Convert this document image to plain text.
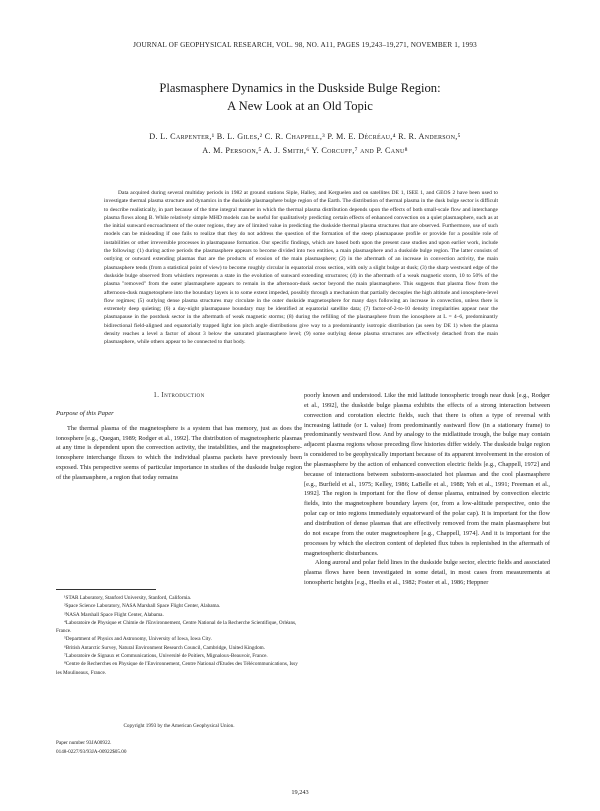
JOURNAL OF GEOPHYSICAL RESEARCH, VOL. 98, NO. A11, PAGES 19,243–19,271, NOVEMBER 1, 1993
Plasmasphere Dynamics in the Duskside Bulge Region:
A New Look at an Old Topic
D. L. Carpenter,¹ B. L. Giles,² C. R. Chappell,³ P. M. E. Décréau,⁴ R. R. Anderson,⁵
A. M. Persoon,⁵ A. J. Smith,⁶ Y. Corcuff,⁷ and P. Canu⁸
Data acquired during several multiday periods in 1982 at ground stations Siple, Halley, and Kerguelen and on satellites DE 1, ISEE 1, and GEOS 2 have been used to investigate thermal plasma structure and dynamics in the duskside plasmasphere bulge region of the Earth. The distribution of thermal plasma in the dusk bulge sector is difficult to describe realistically, in part because of the time integral manner in which the thermal plasma distribution depends upon the effects of both small-scale flow and interchange plasma flows along B. While relatively simple MHD models can be useful for qualitatively predicting certain effects of enhanced convection on a quiet plasmasphere, such as at the initial sunward encroachment of the outer regions, they are of limited value in predicting the duskside thermal plasma structures that are observed. Furthermore, use of such models can be misleading if one fails to realize that they do not address the question of the formation of the steep plasmapause profile or provide for a possible role of instabilities or other irreversible processes in plasmapause formation. Our specific findings, which are based both upon the present case studies and upon earlier work, include the following: (1) during active periods the plasmasphere appears to become divided into two entities, a main plasmasphere and a duskside bulge region. The latter consists of outlying or outward extending plasmas that are the products of erosion of the main plasmasphere; (2) in the aftermath of an increase in convection activity, the main plasmasphere tends (from a statistical point of view) to become roughly circular in equatorial cross section, with only a slight bulge at dusk; (3) the sharp westward edge of the duskside bulge observed from whistlers represents a state in the evolution of sunward extending structures; (4) in the aftermath of a weak magnetic storm, 10 to 50% of the plasma "removed" from the outer plasmasphere appears to remain in the afternoon-dusk sector beyond the main plasmasphere. This suggests that plasma flow from the afternoon-dusk magnetosphere into the boundary layers is to some extent impeded, possibly through a mechanism that partially decouples the high altitude and ionosphere-level flow regimes; (5) outlying dense plasma structures may circulate in the outer duskside magnetosphere for many days following an increase in convection, unless there is extremely deep quieting; (6) a day-night plasmapause boundary may be identified at equatorial satellite data; (7) factor-of-2-to-10 density irregularities appear near the plasmapause in the postdusk sector in the aftermath of weak magnetic storms; (8) during the refilling of the plasmasphere from the ionosphere at L = 4–6, predominantly bidirectional field-aligned and equatorially trapped light ion pitch angle distributions give way to a predominantly isotropic distribution (as seen by DE 1) when the plasma density reaches a level a factor of about 3 below the saturated plasmasphere level; (9) some outlying dense plasma structures are effectively detached from the main plasmasphere, while others appear to be connected to that body.
1. Introduction
Purpose of this Paper

The thermal plasma of the magnetosphere is a system that has memory, just as does the ionosphere [e.g., Quegan, 1989; Rodger et al., 1992]. The distribution of magnetospheric plasmas at any time is dependent upon the convection activity, the instabilities, and the magnetosphere-ionosphere interchange fluxes to which the individual plasma packets have previously been exposed. This perspective seems of particular importance in studies of the duskside bulge region of the plasmasphere, a region that today remains

¹STAR Laboratory, Stanford University, Stanford, California.
²Space Science Laboratory, NASA Marshall Space Flight Center, Alabama.
³NASA Marshall Space Flight Center, Alabama.
⁴Laboratoire de Physique et Chimie de l'Environnement, Centre National de la Recherche Scientifique, Orléans, France.
⁵Department of Physics and Astronomy, University of Iowa, Iowa City.
⁶British Antarctic Survey, Natural Environment Research Council, Cambridge, United Kingdom.
⁷Laboratoire de Signaux et Communications, Université de Poitiers, Mignaloux-Beauvoir, France.
⁸Centre de Recherches en Physique de l'Environnement, Centre National d'Etudes des Télécommunications, Issy les Moulineaux, France.
Copyright 1993 by the American Geophysical Union.
Paper number 93JA00922.
0148-0227/93/93JA-00922$05.00

poorly known and understood. Like the mid latitude ionospheric trough near dusk [e.g., Rodger et al., 1992], the duskside bulge plasma exhibits the effects of a strong interaction between convection and corotation electric fields, such that there is often a type of reversal with increasing latitude (or L value) from predominantly eastward flow (in a stationary frame) to predominantly westward flow. And by analogy to the midlatitude trough, the bulge may contain adjacent plasma regions whose preceding flow histories differ widely. The duskside bulge region is considered to be geophysically important because of its apparent involvement in the erosion of the plasmasphere by the action of enhanced convection electric fields [e.g., Chappell, 1972] and because of interactions between substorm-associated hot plasmas and the cool plasmasphere [e.g., Burfield et al., 1975; Kelley, 1986; LaBelle et al., 1988; Yeh et al., 1991; Freeman et al., 1992]. The region is important for the flow of dense plasma, entrained by convection electric fields, into the magnetosphere boundary layers (or, from a low-altitude perspective, onto the polar cap or into regions immediately equatorward of the polar cap). It is important for the flow and distribution of dense plasmas that are effectively removed from the main plasmasphere but do not escape from the outer magnetosphere [e.g., Chappell, 1974]. And it is important for the processes by which the electron content of depleted flux tubes is replenished in the aftermath of magnetospheric disturbances.

Along auroral and polar field lines in the duskside bulge sector, electric fields and associated plasma flows have been investigated in some detail, in most cases from measurements at ionospheric heights [e.g., Heelis et al., 1982; Foster et al., 1986; Heppner

19,243
